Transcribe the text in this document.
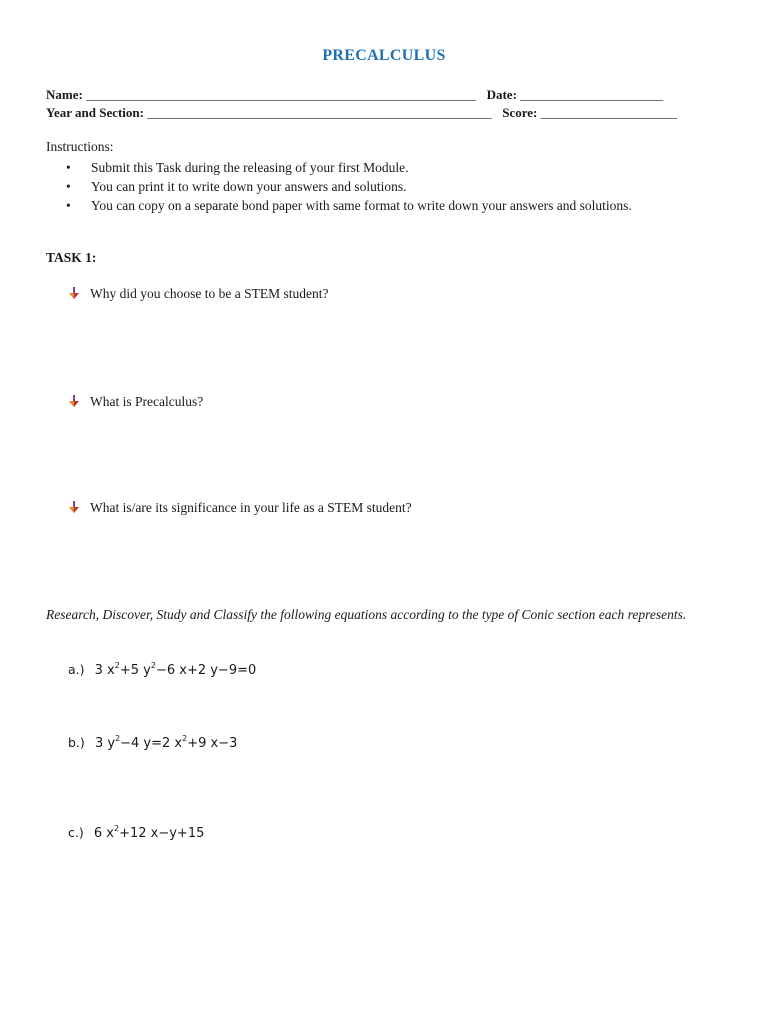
PRECALCULUS
Name: ____________________________________________________________ Date: ______________________
Year and Section: _____________________________________________________ Score: _____________________
Instructions:
• Submit this Task during the releasing of your first Module.
• You can print it to write down your answers and solutions.
• You can copy on a separate bond paper with same format to write down your answers and solutions.
TASK 1:
Why did you choose to be a STEM student?
What is Precalculus?
What is/are its significance in your life as a STEM student?
Research, Discover, Study and Classify the following equations according to the type of Conic section each represents.
a.) 3 $x^2+5$ $y^2-6$ x+2 y−9=0
b.) 3 $y^2-4$ y=2 $x^2+9$ x−3
c.) 6 $x^2+12$ x−y+15
